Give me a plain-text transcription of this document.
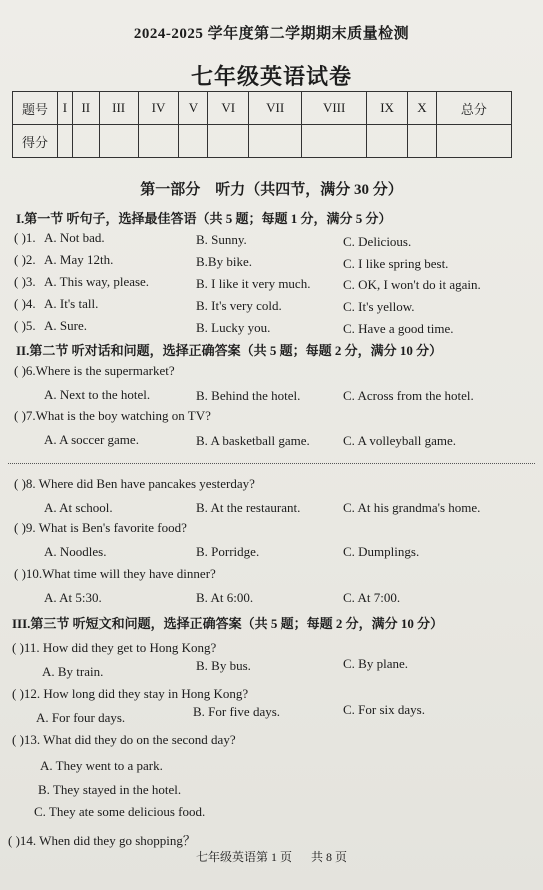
2024-2025 学年度第二学期期末质量检测
七年级英语试卷
题号	I	II	III	IV	V	VI	VII	VIII	IX	X	总分
得分											
第一部分　听力（共四节，满分 30 分）
I.第一节 听句子，选择最佳答语（共 5 题；每题 1 分，满分 5 分）
( )1. A. Not bad.	B. Sunny.	C. Delicious.
( )2. A. May 12th.	B.By bike.	C. I like spring best.
( )3. A. This way, please.	B. I like it very much.	C. OK, I won't do it again.
( )4. A. It's tall.	B. It's very cold.	C. It's yellow.
( )5. A. Sure.	B. Lucky you.	C. Have a good time.
II.第二节 听对话和问题，选择正确答案（共 5 题；每题 2 分，满分 10 分）
( )6.Where is the supermarket?
A. Next to the hotel.	B. Behind the hotel.	C. Across from the hotel.
( )7.What is the boy watching on TV?
A. A soccer game.	B. A basketball game.	C. A volleyball game.
( )8. Where did Ben have pancakes yesterday?
A. At school.	B. At the restaurant.	C. At his grandma's home.
( )9. What is Ben's favorite food?
A. Noodles.	B. Porridge.	C. Dumplings.
( )10.What time will they have dinner?
A. At 5:30.	B. At 6:00.	C. At 7:00.
III.第三节 听短文和问题，选择正确答案（共 5 题；每题 2 分，满分 10 分）
( )11. How did they get to Hong Kong?
A. By train.	B. By bus.	C. By plane.
( )12. How long did they stay in Hong Kong?
A. For four days.	B. For five days.	C. For six days.
( )13. What did they do on the second day?
A. They went to a park.
B. They stayed in the hotel.
C. They ate some delicious food.
( )14. When did they go shopping？
七年级英语第 1 页 共 8 页
